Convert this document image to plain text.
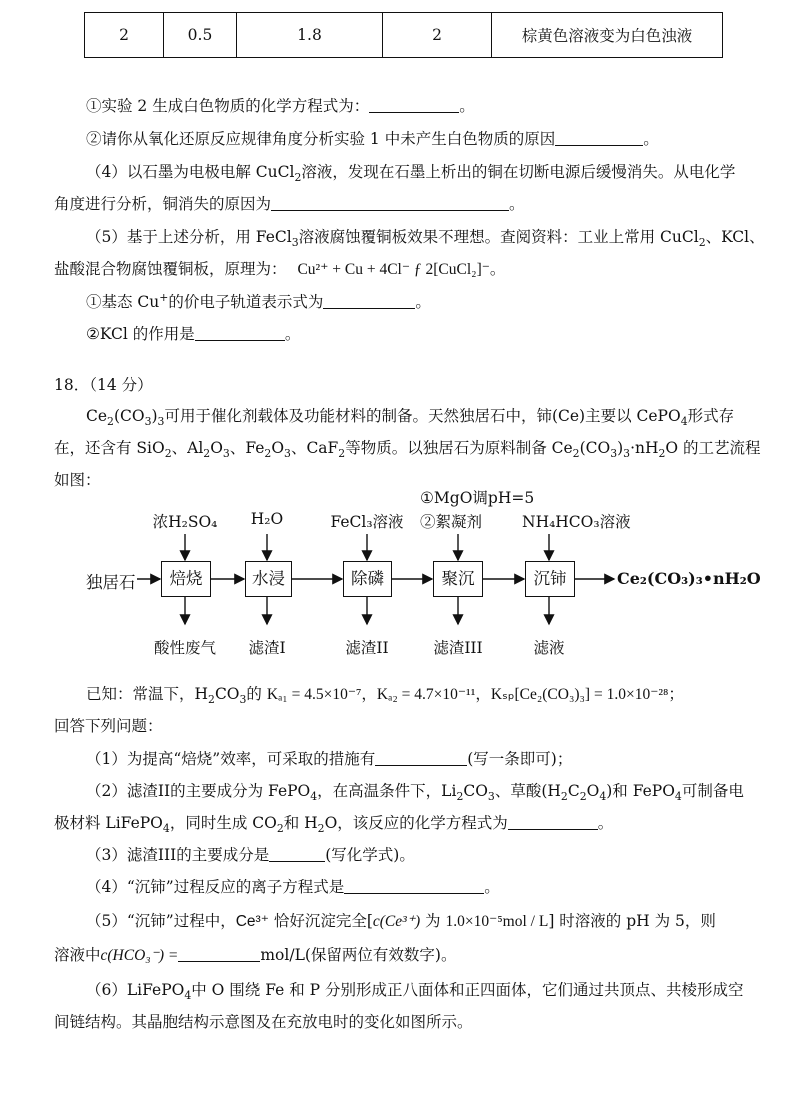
2	0.5	1.8	2	棕黄色溶液变为白色浊液
①实验 2 生成白色物质的化学方程式为：	。
②请你从氧化还原反应规律角度分析实验 1 中未产生白色物质的原因	。
（4）以石墨为电极电解 CuCl$_2$溶液，发现在石墨上析出的铜在切断电源后缓慢消失。从电化学
角度进行分析，铜消失的原因为	。
（5）基于上述分析，用 FeCl$_3$溶液腐蚀覆铜板效果不理想。查阅资料：工业上常用 CuCl$_2$、KCl、
盐酸混合物腐蚀覆铜板，原理为： Cu²⁺ + Cu + 4Cl⁻ ƒ 2[CuCl₂]⁻。
①基态 Cu+的价电子轨道表示式为	。
②KCl 的作用是	。
18．（14 分）
$Ce_2(CO_3)_3$可用于催化剂载体及功能材料的制备。天然独居石中，铈(Ce)主要以 CePO$_4$形式存
在，还含有 SiO$_2$、$Al_2O_3$、$Fe_2O_3$、CaF$_2$等物质。以独居石为原料制备 $Ce_2(CO_3)_3\cdot nH_2O$ 的工艺流程
如图：
独居石	焙烧	水浸	除磷	聚沉	沉铈	Ce₂(CO₃)₃•nH₂O
浓H₂SO₄	H₂O	FeCl₃溶液
①MgO调pH=5
②絮凝剂	NH₄HCO₃溶液
酸性废气	滤渣I	滤渣II	滤渣III	滤液
已知：常温下，$H_2CO_3$的 Kₐ₁ = 4.5×10⁻⁷，Kₐ₂ = 4.7×10⁻¹¹，Kₛₚ[Ce₂(CO₃)₃] = 1.0×10⁻²⁸；
回答下列问题：
（1）为提高“焙烧”效率，可采取的措施有	(写一条即可)；
（2）滤渣II的主要成分为 FePO$_4$，在高温条件下，$Li_2CO_3$、草酸$(H_2C_2O_4)$和 FePO$_4$可制备电
极材料 LiFePO$_4$，同时生成 $CO_2$和 $H_2O$，该反应的化学方程式为	。
（3）滤渣III的主要成分是	(写化学式)。
（4）“沉铈”过程反应的离子方程式是	。
（5）“沉铈”过程中，Ce³⁺ 恰好沉淀完全[c(Ce³⁺) 为 1.0×10⁻⁵mol / L] 时溶液的 pH 为 5，则
溶液中c(HCO₃⁻) =	mol/L(保留两位有效数字)。
（6）LiFePO$_4$中 O 围绕 Fe 和 P 分别形成正八面体和正四面体，它们通过共顶点、共棱形成空
间链结构。其晶胞结构示意图及在充放电时的变化如图所示。
